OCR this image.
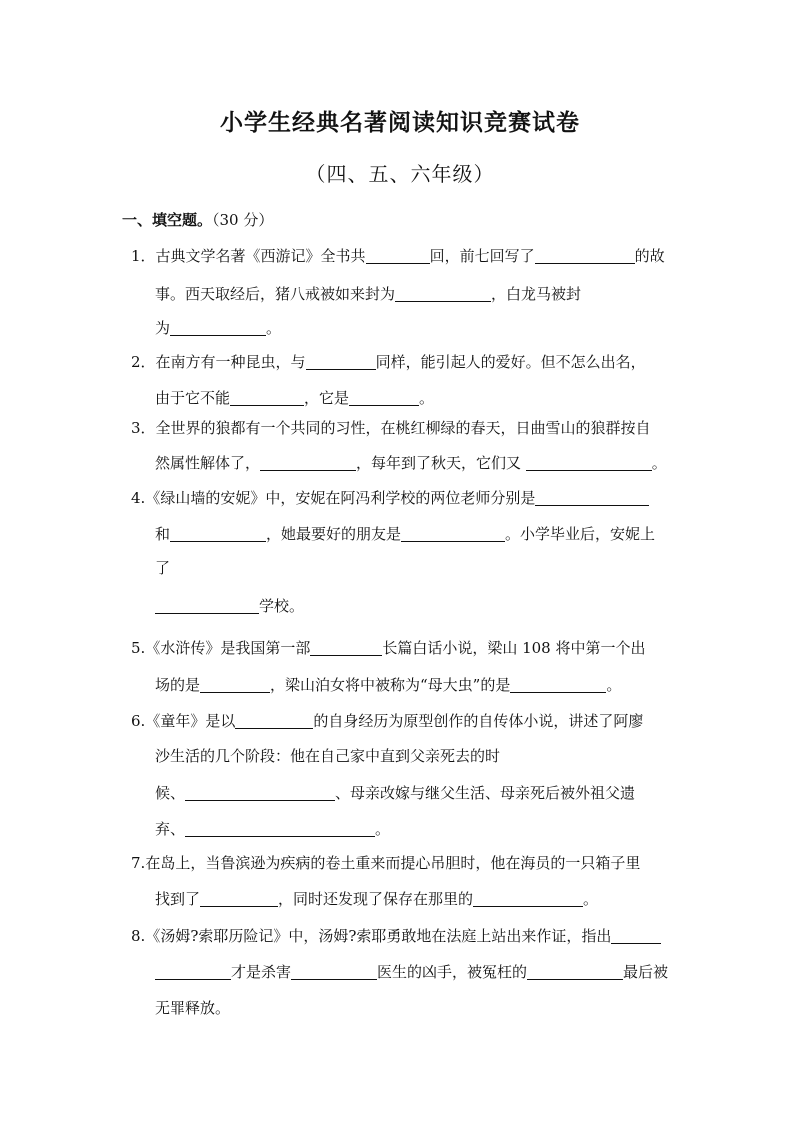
小学生经典名著阅读知识竞赛试卷
（四、五、六年级）
一、填空题。（30 分）
1．古典文学名著《西游记》全书共	回，前七回写了	的故
事。西天取经后，猪八戒被如来封为	，白龙马被封
为	。
2．在南方有一种昆虫，与	同样，能引起人的爱好。但不怎么出名，
由于它不能	，它是	。
3．全世界的狼都有一个共同的习性，在桃红柳绿的春天，日曲雪山的狼群按自
然属性解体了，	，每年到了秋天，它们又	。
4.《绿山墙的安妮》中，安妮在阿冯利学校的两位老师分别是
和	，她最要好的朋友是	。小学毕业后，安妮上
了
学校。
5.《水浒传》是我国第一部	长篇白话小说，梁山 108 将中第一个出
场的是	，梁山泊女将中被称为“母大虫”的是	。
6.《童年》是以	的自身经历为原型创作的自传体小说，讲述了阿廖
沙生活的几个阶段：他在自己家中直到父亲死去的时
候、	、母亲改嫁与继父生活、母亲死后被外祖父遗
弃、	。
7.在岛上，当鲁滨逊为疾病的卷土重来而提心吊胆时，他在海员的一只箱子里
找到了	，同时还发现了保存在那里的	。
8.《汤姆?索耶历险记》中，汤姆?索耶勇敢地在法庭上站出来作证，指出
才是杀害	医生的凶手，被冤枉的	最后被
无罪释放。
